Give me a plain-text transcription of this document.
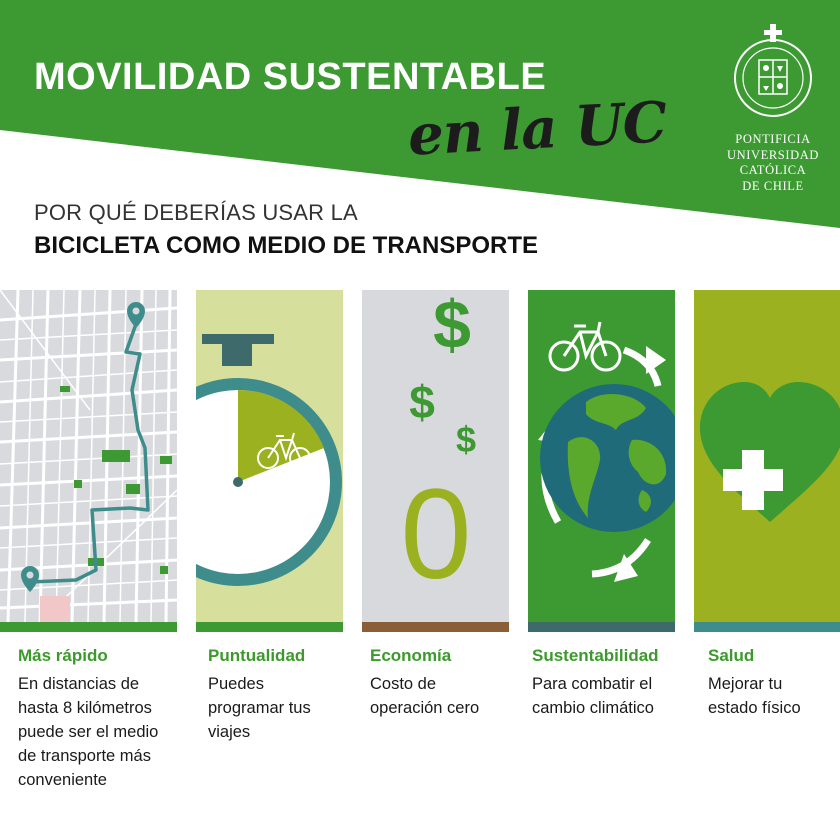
MOVILIDAD SUSTENTABLE
en la UC	PONTIFICIA
UNIVERSIDAD
CATÓLICA
DE CHILE
POR QUÉ DEBERÍAS USAR LA
BICICLETA COMO MEDIO DE TRANSPORTE
$
$
$
0
Más rápido
En distancias de
hasta 8 kilómetros
puede ser el medio
de transporte más
conveniente
Puntualidad
Puedes
programar tus
viajes
Economía
Costo de
operación cero
Sustentabilidad
Para combatir el
cambio climático
Salud
Mejorar tu
estado físico
